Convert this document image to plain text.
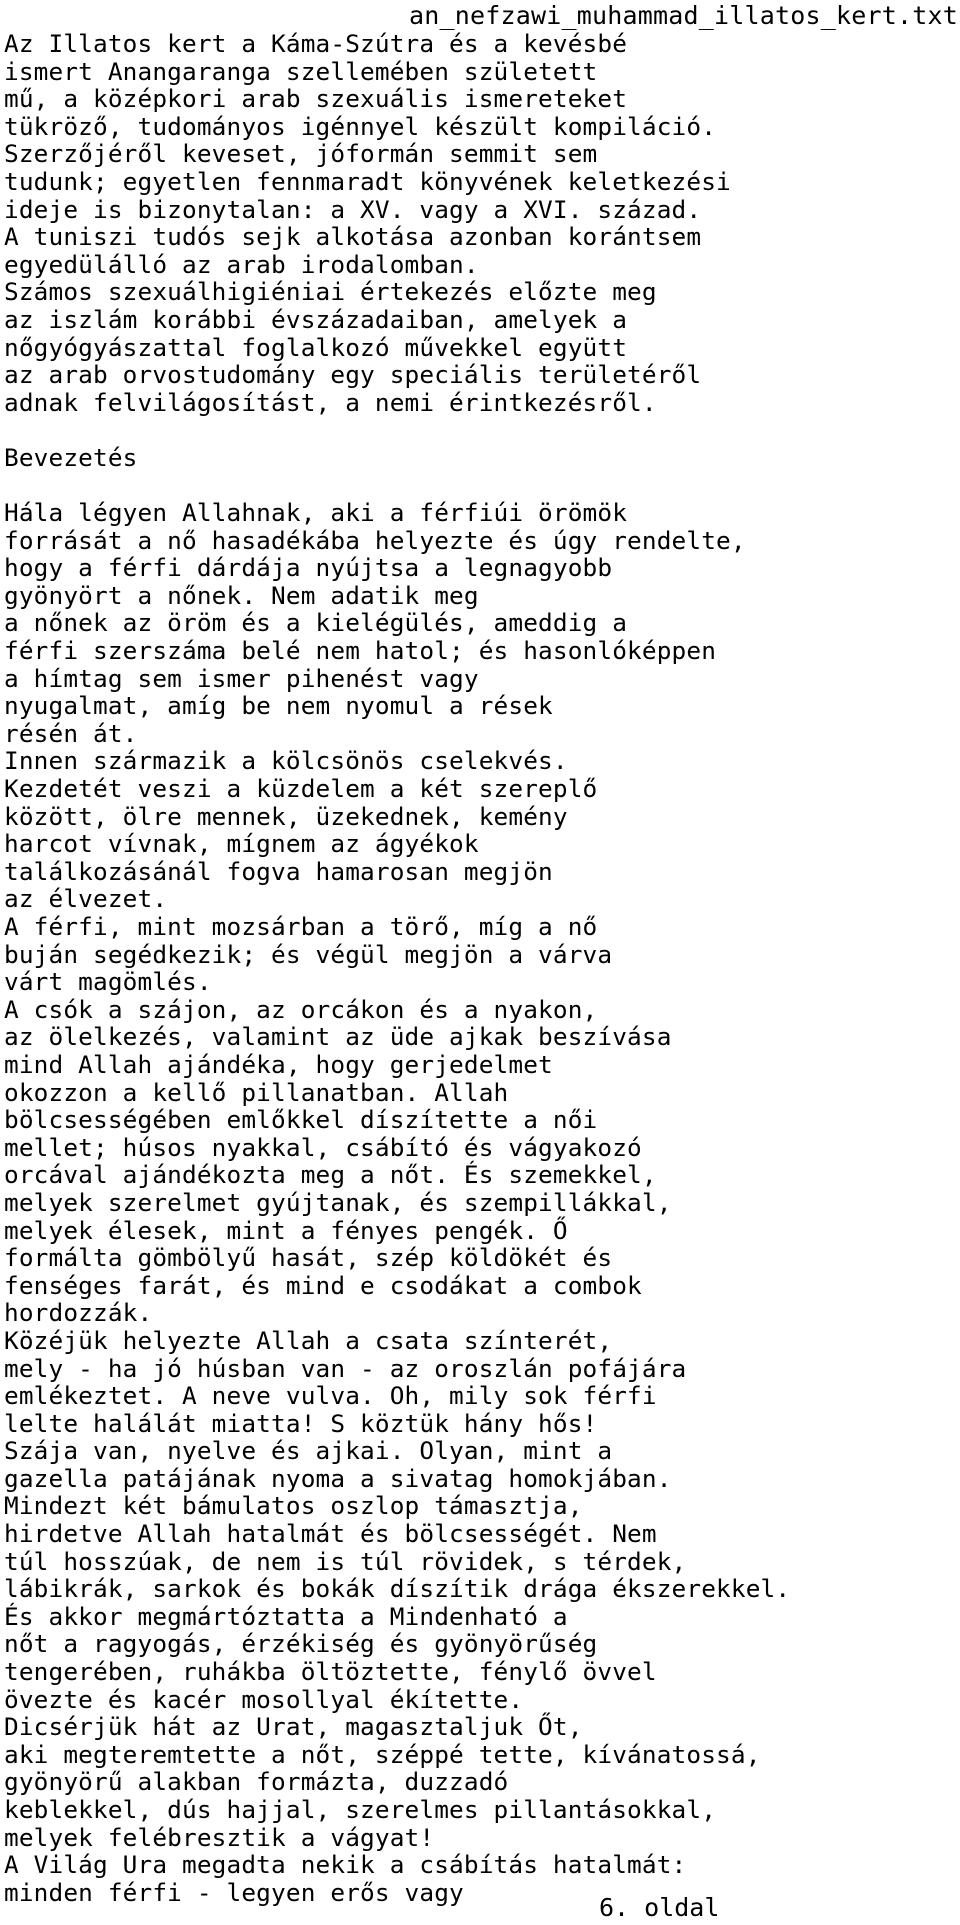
an_nefzawi_muhammad_illatos_kert.txt
Az Illatos kert a Káma-Szútra és a kevésbé
ismert Anangaranga szellemében született
mű, a középkori arab szexuális ismereteket
tükröző, tudományos igénnyel készült kompiláció.
Szerzőjéről keveset, jóformán semmit sem
tudunk; egyetlen fennmaradt könyvének keletkezési
ideje is bizonytalan: a XV. vagy a XVI. század.
A tuniszi tudós sejk alkotása azonban korántsem
egyedülálló az arab irodalomban.
Számos szexuálhigiéniai értekezés előzte meg
az iszlám korábbi évszázadaiban, amelyek a
nőgyógyászattal foglalkozó művekkel együtt
az arab orvostudomány egy speciális területéről
adnak felvilágosítást, a nemi érintkezésről.
Bevezetés
Hála légyen Allahnak, aki a férfiúi örömök
forrását a nő hasadékába helyezte és úgy rendelte,
hogy a férfi dárdája nyújtsa a legnagyobb
gyönyört a nőnek. Nem adatik meg
a nőnek az öröm és a kielégülés, ameddig a
férfi szerszáma belé nem hatol; és hasonlóképpen
a hímtag sem ismer pihenést vagy
nyugalmat, amíg be nem nyomul a rések
résén át.
Innen származik a kölcsönös cselekvés.
Kezdetét veszi a küzdelem a két szereplő
között, ölre mennek, üzekednek, kemény
harcot vívnak, mígnem az ágyékok
találkozásánál fogva hamarosan megjön
az élvezet.
A férfi, mint mozsárban a törő, míg a nő
buján segédkezik; és végül megjön a várva
várt magömlés.
A csók a szájon, az orcákon és a nyakon,
az ölelkezés, valamint az üde ajkak beszívása
mind Allah ajándéka, hogy gerjedelmet
okozzon a kellő pillanatban. Allah
bölcsességében emlőkkel díszítette a női
mellet; húsos nyakkal, csábító és vágyakozó
orcával ajándékozta meg a nőt. És szemekkel,
melyek szerelmet gyújtanak, és szempillákkal,
melyek élesek, mint a fényes pengék. Ő
formálta gömbölyű hasát, szép köldökét és
fenséges farát, és mind e csodákat a combok
hordozzák.
Közéjük helyezte Allah a csata színterét,
mely - ha jó húsban van - az oroszlán pofájára
emlékeztet. A neve vulva. Oh, mily sok férfi
lelte halálát miatta! S köztük hány hős!
Szája van, nyelve és ajkai. Olyan, mint a
gazella patájának nyoma a sivatag homokjában.
Mindezt két bámulatos oszlop támasztja,
hirdetve Allah hatalmát és bölcsességét. Nem
túl hosszúak, de nem is túl rövidek, s térdek,
lábikrák, sarkok és bokák díszítik drága ékszerekkel.
És akkor megmártóztatta a Mindenható a
nőt a ragyogás, érzékiség és gyönyörűség
tengerében, ruhákba öltöztette, fénylő övvel
övezte és kacér mosollyal ékítette.
Dicsérjük hát az Urat, magasztaljuk Őt,
aki megteremtette a nőt, széppé tette, kívánatossá,
gyönyörű alakban formázta, duzzadó
keblekkel, dús hajjal, szerelmes pillantásokkal,
melyek felébresztik a vágyat!
A Világ Ura megadta nekik a csábítás hatalmát:
minden férfi - legyen erős vagy
6. oldal
